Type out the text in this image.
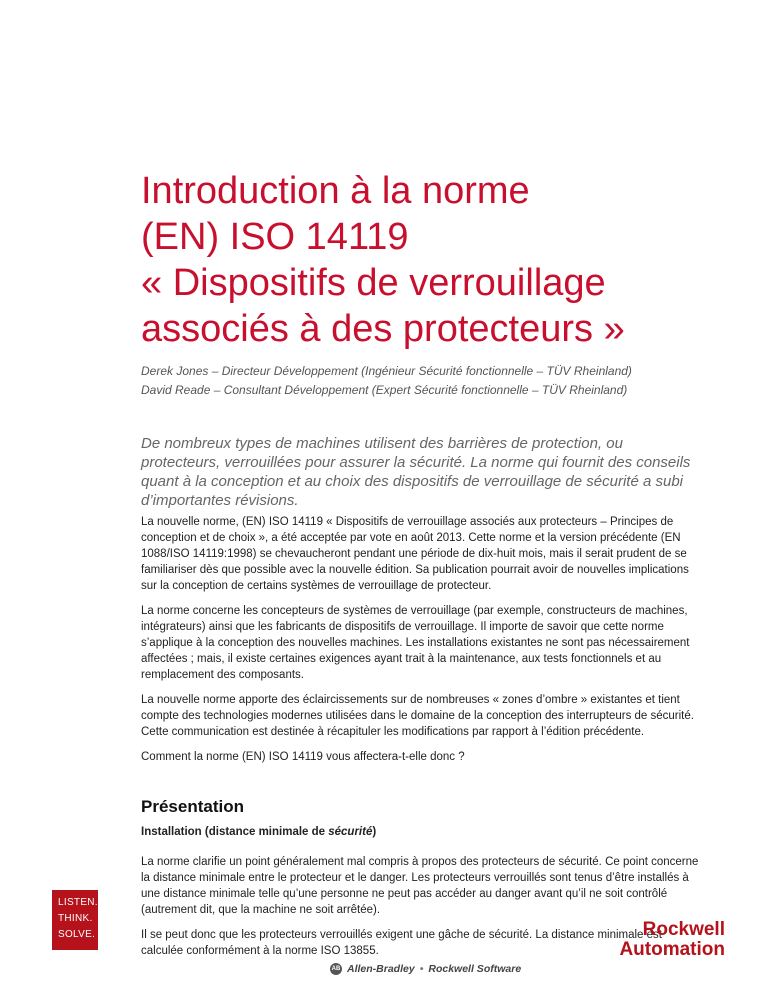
Introduction à la norme
(EN) ISO 14119
« Dispositifs de verrouillage
associés à des protecteurs »
Derek Jones – Directeur Développement (Ingénieur Sécurité fonctionnelle – TÜV Rheinland)
David Reade – Consultant Développement (Expert Sécurité fonctionnelle – TÜV Rheinland)
De nombreux types de machines utilisent des barrières de protection, ou protecteurs, verrouillées pour assurer la sécurité. La norme qui fournit des conseils quant à la conception et au choix des dispositifs de verrouillage de sécurité a subi d’importantes révisions.

La nouvelle norme, (EN) ISO 14119 « Dispositifs de verrouillage associés aux protecteurs – Principes de conception et de choix », a été acceptée par vote en août 2013. Cette norme et la version précédente (EN 1088/ISO 14119:1998) se chevaucheront pendant une période de dix-huit mois, mais il serait prudent de se familiariser dès que possible avec la nouvelle édition. Sa publication pourrait avoir de nouvelles implications sur la conception de certains systèmes de verrouillage de protecteur.

La norme concerne les concepteurs de systèmes de verrouillage (par exemple, constructeurs de machines, intégrateurs) ainsi que les fabricants de dispositifs de verrouillage. Il importe de savoir que cette norme s’applique à la conception des nouvelles machines. Les installations existantes ne sont pas nécessairement affectées ; mais, il existe certaines exigences ayant trait à la maintenance, aux tests fonctionnels et au remplacement des composants.

La nouvelle norme apporte des éclaircissements sur de nombreuses « zones d’ombre » existantes et tient compte des technologies modernes utilisées dans le domaine de la conception des interrupteurs de sécurité. Cette communication est destinée à récapituler les modifications par rapport à l’édition précédente.

Comment la norme (EN) ISO 14119 vous affectera-t-elle donc ?

Présentation
Installation (distance minimale de sécurité)

La norme clarifie un point généralement mal compris à propos des protecteurs de sécurité. Ce point concerne la distance minimale entre le protecteur et le danger. Les protecteurs verrouillés sont tenus d’être installés à une distance minimale telle qu’une personne ne peut pas accéder au danger avant qu’il ne soit contrôlé (autrement dit, que la machine ne soit arrêtée).

Il se peut donc que les protecteurs verrouillés exigent une gâche de sécurité. La distance minimale est calculée conformément à la norme ISO 13855.

LISTEN.
THINK.
SOLVE.	Rockwell
Automation
AB Allen-Bradley • Rockwell Software
